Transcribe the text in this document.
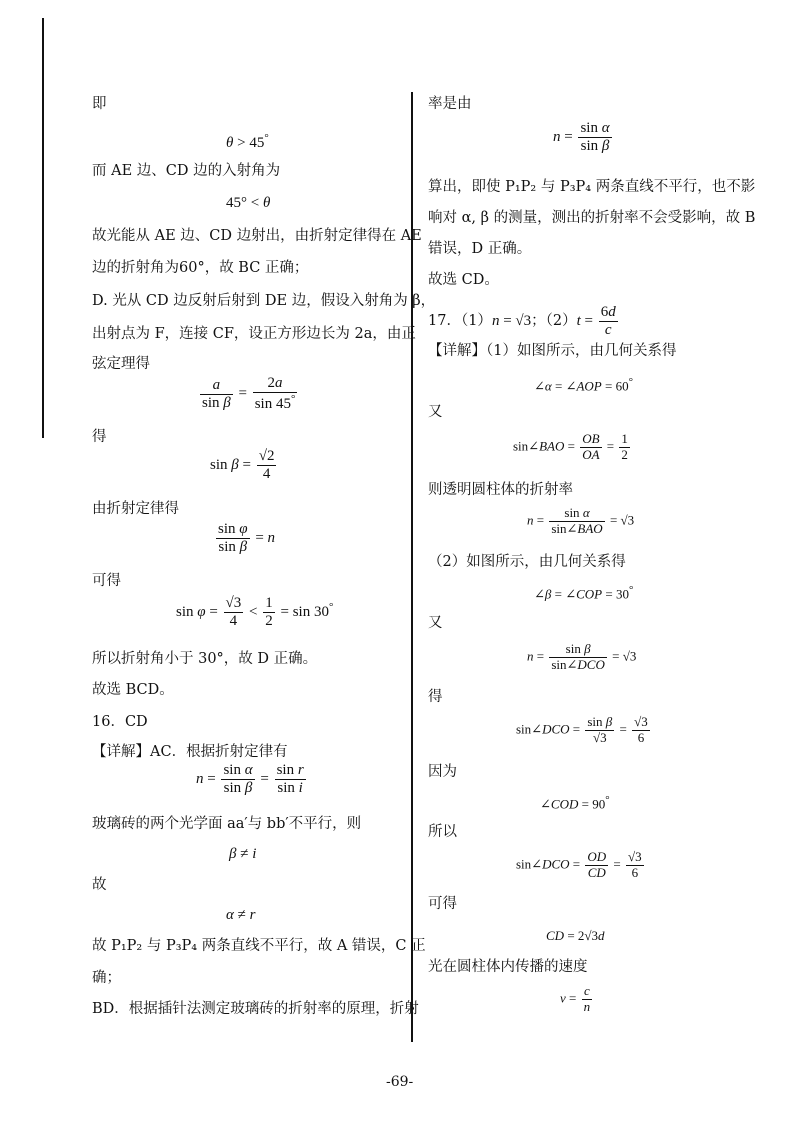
即
θ > 45°
而 AE 边、CD 边的入射角为
45° < θ
故光能从 AE 边、CD 边射出，由折射定律得在 AE
边的折射角为60°，故 BC 正确；
D. 光从 CD 边反射后射到 DE 边，假设入射角为 β，
出射点为 F，连接 CF，设正方形边长为 2a，由正
弦定理得
$\frac{a}{\text{sin β}} = \frac{2a}{\sin 45^\circ}$
得
$\sin \beta = \frac{√2}{4}$
由折射定律得
$\frac{\text{sin φ}}{\text{sin β}} = n$
可得
$\sin \varphi = \frac{√3}{4} < \frac{1}{2} = \sin 30^\circ$
所以折射角小于 30°，故 D 正确。
故选 BCD。
16．CD
【详解】AC．根据折射定律有
$n = \frac{\text{sin α}}{\text{sin β}} = \frac{\text{sin r}}{\text{sin i}}$
玻璃砖的两个光学面 aa′与 bb′不平行，则
β ≠ i
故
α ≠ r
故 P₁P₂ 与 P₃P₄ 两条直线不平行，故 A 错误，C 正
确；
BD．根据插针法测定玻璃砖的折射率的原理，折射
率是由
$n = \frac{\text{sin α}}{\text{sin β}}$
算出，即使 P₁P₂ 与 P₃P₄ 两条直线不平行，也不影
响对 α, β 的测量，测出的折射率不会受影响，故 B
错误，D 正确。
故选 CD。
17．（1）n = √3；$(2)t = \frac{6d}{c}$
【详解】（1）如图所示，由几何关系得
∠α = ∠AOP = 60°
又
sin∠BAO = $\frac{OB}{OA} = \frac{1}{2}$
则透明圆柱体的折射率
$n = \frac{\text{sin α}}{\text{sin∠BAO}} = √3$
（2）如图所示，由几何关系得
∠β = ∠COP = 30°
又
$n = \frac{\text{sin β}}{\text{sin∠DCO}} = √3$
得
sin∠DCO = $\frac{\text{sin β}}{√3} = \frac{√3}{6}$
因为
∠COD = 90°
所以
sin∠DCO = $\frac{OD}{CD} = \frac{√3}{6}$
可得
CD = 2√3d
光在圆柱体内传播的速度
$v = \frac{c}{n}$
-69-
